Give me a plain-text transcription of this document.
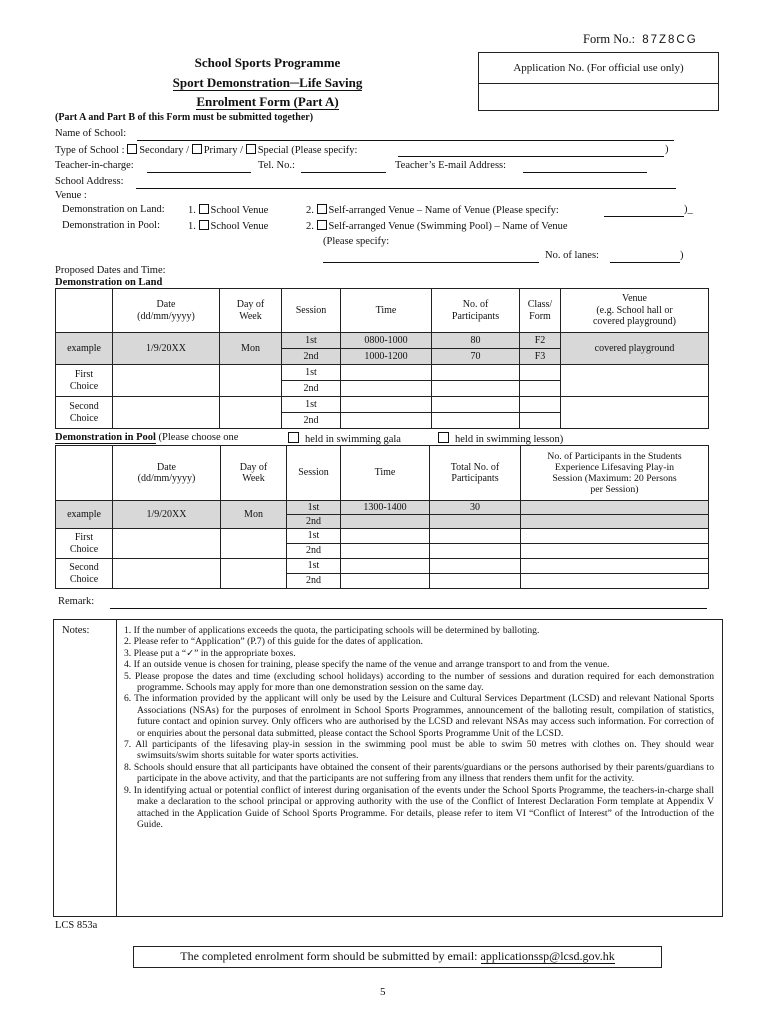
Form No.: 87Z8CG
School Sports Programme
Sport Demonstration─Life Saving
Enrolment Form (Part A)
Application No. (For official use only)
(Part A and Part B of this Form must be submitted together)
Name of School:
Type of School : Secondary / Primary / Special (Please specify:	)
Teacher-in-charge:	Tel. No.:	Teacher’s E-mail Address:
School Address:
Venue :
Demonstration on Land: 1. School Venue	2. Self-arranged Venue – Name of Venue (Please specify:	)_
Demonstration in Pool:	1. School Venue	2. Self-arranged Venue (Swimming Pool) – Name of Venue
(Please specify:
No. of lanes:	)
Proposed Dates and Time:
Demonstration on Land
	Date
(dd/mm/yyyy)	Day of
Week	Session	Time	No. of
Participants	Class/
Form	Venue
(e.g. School hall or
covered playground)
example	1/9/20XX	Mon	1st	0800-1000	80	F2	covered playground
			2nd	1000-1200	70	F3	
First
Choice			1st				
			2nd				
Second
Choice			1st				
			2nd				
Demonstration in Pool (Please choose one	held in swimming gala	held in swimming lesson)
	Date
(dd/mm/yyyy)	Day of
Week	Session	Time	Total No. of
Participants	No. of Participants in the Students
Experience Lifesaving Play-in
Session (Maximum: 20 Persons
per Session)
example	1/9/20XX	Mon	1st	1300-1400	30	
			2nd			
First
Choice			1st			
			2nd			
Second
Choice			1st			
			2nd			
Remark:
Notes:	1. If the number of applications exceeds the quota, the participating schools will be determined by balloting.
2. Please refer to “Application” (P.7) of this guide for the dates of application.
3. Please put a “✓” in the appropriate boxes.
4. If an outside venue is chosen for training, please specify the name of the venue and arrange transport to and from the venue.
5. Please propose the dates and time (excluding school holidays) according to the number of sessions and duration required for each demonstration programme. Schools may apply for more than one demonstration session on the same day.
6. The information provided by the applicant will only be used by the Leisure and Cultural Services Department (LCSD) and relevant National Sports Associations (NSAs) for the purposes of enrolment in School Sports Programmes, announcement of the balloting result, compilation of statistics, future contact and opinion survey. Only officers who are authorised by the LCSD and relevant NSAs may access such information. For correction of or enquiries about the personal data submitted, please contact the School Sports Programme Unit of the LCSD.
7. All participants of the lifesaving play-in session in the swimming pool must be able to swim 50 metres with clothes on. They should wear swimsuits/swim shorts suitable for water sports activities.
8. Schools should ensure that all participants have obtained the consent of their parents/guardians or the persons authorised by their parents/guardians to participate in the above activity, and that the participants are not suffering from any illness that renders them unfit for the activity.
9. In identifying actual or potential conflict of interest during organisation of the events under the School Sports Programme, the teachers-in-charge shall make a declaration to the school principal or approving authority with the use of the Conflict of Interest Declaration Form template at Appendix V attached in the Application Guide of School Sports Programme. For details, please refer to item VI “Conflict of Interest” of the Introduction of the Guide.
LCS 853a
The completed enrolment form should be submitted by email: applicationssp@lcsd.gov.hk
5
